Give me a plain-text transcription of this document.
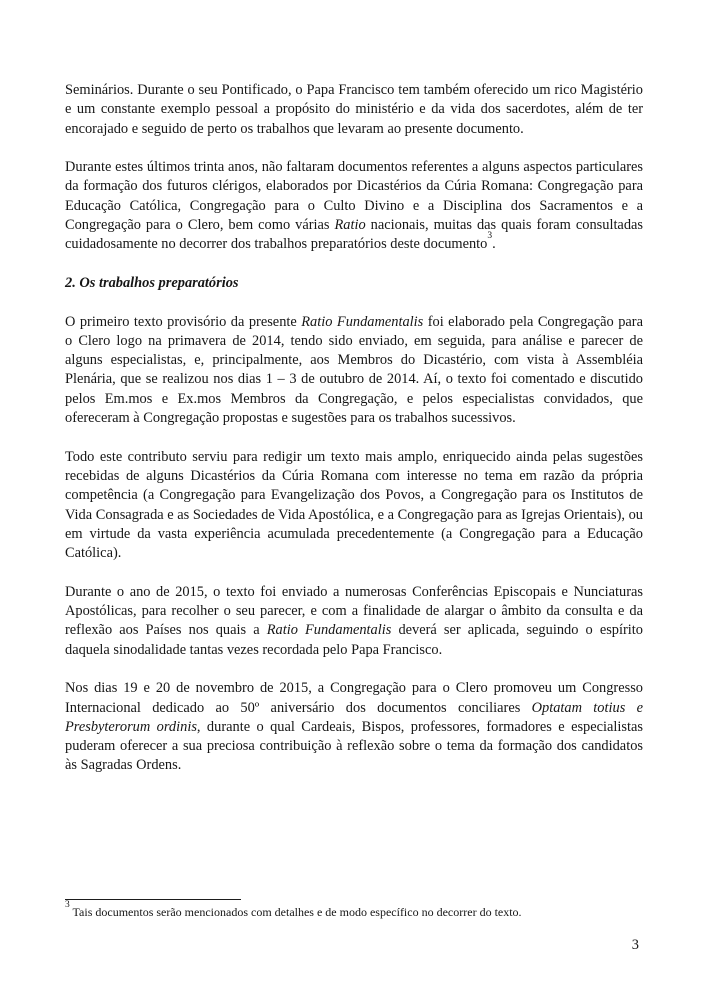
Seminários. Durante o seu Pontificado, o Papa Francisco tem também oferecido um rico Magistério e um constante exemplo pessoal a propósito do ministério e da vida dos sacerdotes, além de ter encorajado e seguido de perto os trabalhos que levaram ao presente documento.

Durante estes últimos trinta anos, não faltaram documentos referentes a alguns aspectos particulares da formação dos futuros clérigos, elaborados por Dicastérios da Cúria Romana: Congregação para Educação Católica, Congregação para o Culto Divino e a Disciplina dos Sacramentos e a Congregação para o Clero, bem como várias Ratio nacionais, muitas das quais foram consultadas cuidadosamente no decorrer dos trabalhos preparatórios deste documento$^3$.

2. Os trabalhos preparatórios

O primeiro texto provisório da presente Ratio Fundamentalis foi elaborado pela Congregação para o Clero logo na primavera de 2014, tendo sido enviado, em seguida, para análise e parecer de alguns especialistas, e, principalmente, aos Membros do Dicastério, com vista à Assembléia Plenária, que se realizou nos dias 1 – 3 de outubro de 2014. Aí, o texto foi comentado e discutido pelos Em.mos e Ex.mos Membros da Congregação, e pelos especialistas convidados, que ofereceram à Congregação propostas e sugestões para os trabalhos sucessivos.

Todo este contributo serviu para redigir um texto mais amplo, enriquecido ainda pelas sugestões recebidas de alguns Dicastérios da Cúria Romana com interesse no tema em razão da própria competência (a Congregação para Evangelização dos Povos, a Congregação para os Institutos de Vida Consagrada e as Sociedades de Vida Apostólica, e a Congregação para as Igrejas Orientais), ou em virtude da vasta experiência acumulada precedentemente (a Congregação para a Educação Católica).

Durante o ano de 2015, o texto foi enviado a numerosas Conferências Episcopais e Nunciaturas Apostólicas, para recolher o seu parecer, e com a finalidade de alargar o âmbito da consulta e da reflexão aos Países nos quais a Ratio Fundamentalis deverá ser aplicada, seguindo o espírito daquela sinodalidade tantas vezes recordada pelo Papa Francisco.

Nos dias 19 e 20 de novembro de 2015, a Congregação para o Clero promoveu um Congresso Internacional dedicado ao 50º aniversário dos documentos conciliares Optatam totius e Presbyterorum ordinis, durante o qual Cardeais, Bispos, professores, formadores e especialistas puderam oferecer a sua preciosa contribuição à reflexão sobre o tema da formação dos candidatos às Sagradas Ordens.

$^3$ Tais documentos serão mencionados com detalhes e de modo específico no decorrer do texto.
3
